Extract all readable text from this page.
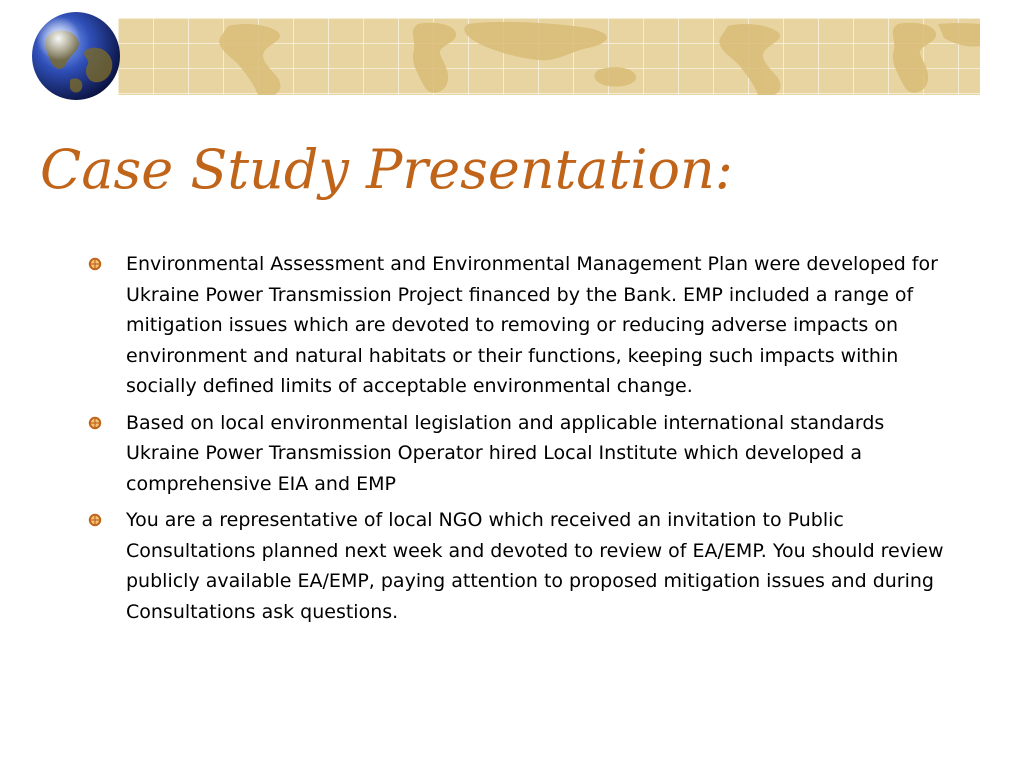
Case Study Presentation:
Environmental Assessment and Environmental Management Plan were developed for Ukraine Power Transmission Project financed by the Bank. EMP included a range of mitigation issues which are devoted to removing or reducing adverse impacts on environment and natural habitats or their functions, keeping such impacts within socially defined limits of acceptable environmental change.
Based on local environmental legislation and applicable international standards Ukraine Power Transmission Operator hired Local Institute which developed a comprehensive EIA and EMP
You are a representative of local NGO which received an invitation to Public Consultations planned next week and devoted to review of EA/EMP. You should review publicly available EA/EMP, paying attention to proposed mitigation issues and during Consultations ask questions.
